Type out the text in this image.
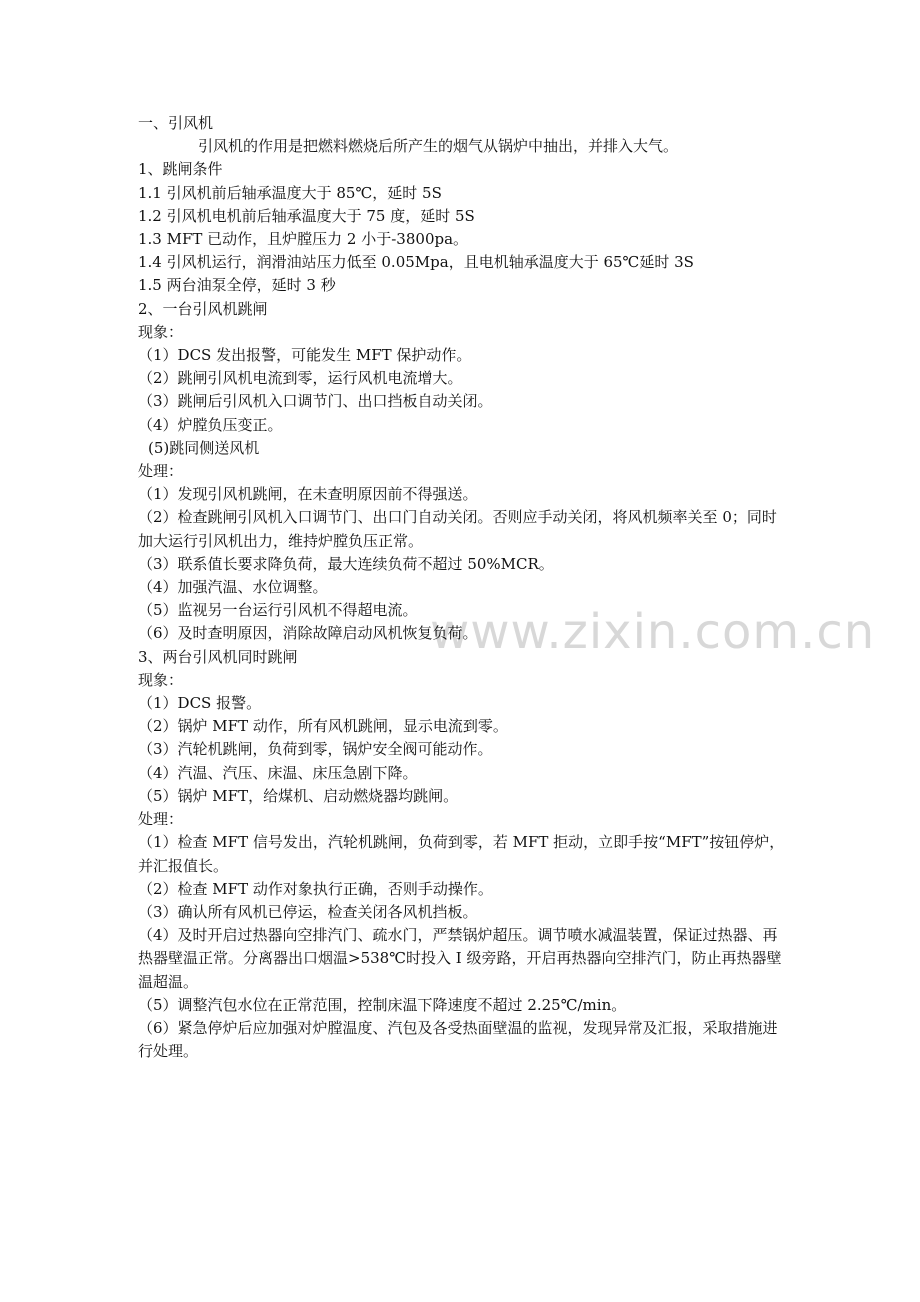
www.zixin.com.cn
一、引风机
引风机的作用是把燃料燃烧后所产生的烟气从锅炉中抽出，并排入大气。
1、跳闸条件
1.1 引风机前后轴承温度大于 85℃，延时 5S
1.2 引风机电机前后轴承温度大于 75 度，延时 5S
1.3 MFT 已动作，且炉膛压力 2 小于-3800pa。
1.4 引风机运行，润滑油站压力低至 0.05Mpa，且电机轴承温度大于 65℃延时 3S
1.5 两台油泵全停，延时 3 秒
2、一台引风机跳闸
现象：
（1）DCS 发出报警，可能发生 MFT 保护动作。
（2）跳闸引风机电流到零，运行风机电流增大。
（3）跳闸后引风机入口调节门、出口挡板自动关闭。
（4）炉膛负压变正。
(5)跳同侧送风机
处理：
（1）发现引风机跳闸，在未查明原因前不得强送。
（2）检查跳闸引风机入口调节门、出口门自动关闭。否则应手动关闭，将风机频率关至 0；同时加大运行引风机出力，维持炉膛负压正常。
（3）联系值长要求降负荷，最大连续负荷不超过 50%MCR。
（4）加强汽温、水位调整。
（5）监视另一台运行引风机不得超电流。
（6）及时查明原因，消除故障启动风机恢复负荷。
3、两台引风机同时跳闸
现象：
（1）DCS 报警。
（2）锅炉 MFT 动作，所有风机跳闸，显示电流到零。
（3）汽轮机跳闸，负荷到零，锅炉安全阀可能动作。
（4）汽温、汽压、床温、床压急剧下降。
（5）锅炉 MFT，给煤机、启动燃烧器均跳闸。
处理：
（1）检查 MFT 信号发出，汽轮机跳闸，负荷到零，若 MFT 拒动，立即手按“MFT”按钮停炉，并汇报值长。
（2）检查 MFT 动作对象执行正确，否则手动操作。
（3）确认所有风机已停运，检查关闭各风机挡板。
（4）及时开启过热器向空排汽门、疏水门，严禁锅炉超压。调节喷水减温装置，保证过热器、再热器壁温正常。分离器出口烟温>538℃时投入 I 级旁路，开启再热器向空排汽门，防止再热器壁温超温。
（5）调整汽包水位在正常范围，控制床温下降速度不超过 2.25℃/min。
（6）紧急停炉后应加强对炉膛温度、汽包及各受热面壁温的监视，发现异常及汇报，采取措施进行处理。
